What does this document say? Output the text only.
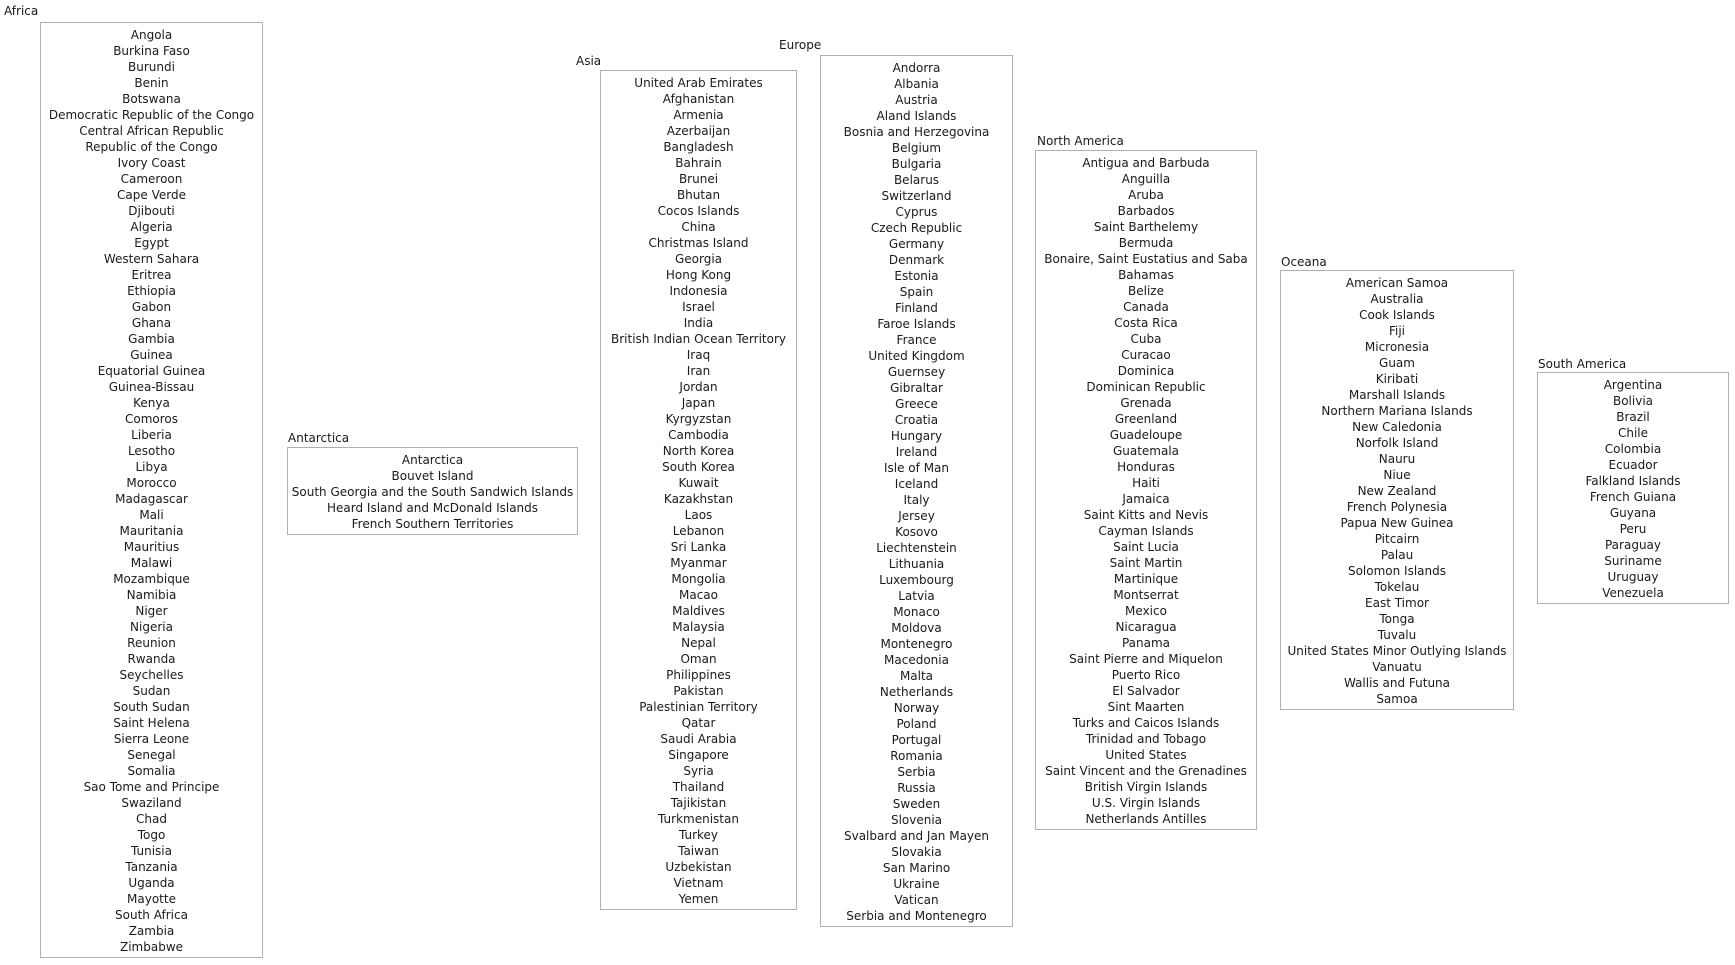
Africa
Angola
Burkina Faso
Burundi
Benin
Botswana
Democratic Republic of the Congo
Central African Republic
Republic of the Congo
Ivory Coast
Cameroon
Cape Verde
Djibouti
Algeria
Egypt
Western Sahara
Eritrea
Ethiopia
Gabon
Ghana
Gambia
Guinea
Equatorial Guinea
Guinea-Bissau
Kenya
Comoros
Liberia
Lesotho
Libya
Morocco
Madagascar
Mali
Mauritania
Mauritius
Malawi
Mozambique
Namibia
Niger
Nigeria
Reunion
Rwanda
Seychelles
Sudan
South Sudan
Saint Helena
Sierra Leone
Senegal
Somalia
Sao Tome and Principe
Swaziland
Chad
Togo
Tunisia
Tanzania
Uganda
Mayotte
South Africa
Zambia
Zimbabwe
Antarctica
Antarctica
Bouvet Island
South Georgia and the South Sandwich Islands
Heard Island and McDonald Islands
French Southern Territories
Asia
United Arab Emirates
Afghanistan
Armenia
Azerbaijan
Bangladesh
Bahrain
Brunei
Bhutan
Cocos Islands
China
Christmas Island
Georgia
Hong Kong
Indonesia
Israel
India
British Indian Ocean Territory
Iraq
Iran
Jordan
Japan
Kyrgyzstan
Cambodia
North Korea
South Korea
Kuwait
Kazakhstan
Laos
Lebanon
Sri Lanka
Myanmar
Mongolia
Macao
Maldives
Malaysia
Nepal
Oman
Philippines
Pakistan
Palestinian Territory
Qatar
Saudi Arabia
Singapore
Syria
Thailand
Tajikistan
Turkmenistan
Turkey
Taiwan
Uzbekistan
Vietnam
Yemen
Europe
Andorra
Albania
Austria
Aland Islands
Bosnia and Herzegovina
Belgium
Bulgaria
Belarus
Switzerland
Cyprus
Czech Republic
Germany
Denmark
Estonia
Spain
Finland
Faroe Islands
France
United Kingdom
Guernsey
Gibraltar
Greece
Croatia
Hungary
Ireland
Isle of Man
Iceland
Italy
Jersey
Kosovo
Liechtenstein
Lithuania
Luxembourg
Latvia
Monaco
Moldova
Montenegro
Macedonia
Malta
Netherlands
Norway
Poland
Portugal
Romania
Serbia
Russia
Sweden
Slovenia
Svalbard and Jan Mayen
Slovakia
San Marino
Ukraine
Vatican
Serbia and Montenegro
North America
Antigua and Barbuda
Anguilla
Aruba
Barbados
Saint Barthelemy
Bermuda
Bonaire, Saint Eustatius and Saba
Bahamas
Belize
Canada
Costa Rica
Cuba
Curacao
Dominica
Dominican Republic
Grenada
Greenland
Guadeloupe
Guatemala
Honduras
Haiti
Jamaica
Saint Kitts and Nevis
Cayman Islands
Saint Lucia
Saint Martin
Martinique
Montserrat
Mexico
Nicaragua
Panama
Saint Pierre and Miquelon
Puerto Rico
El Salvador
Sint Maarten
Turks and Caicos Islands
Trinidad and Tobago
United States
Saint Vincent and the Grenadines
British Virgin Islands
U.S. Virgin Islands
Netherlands Antilles
Oceana
American Samoa
Australia
Cook Islands
Fiji
Micronesia
Guam
Kiribati
Marshall Islands
Northern Mariana Islands
New Caledonia
Norfolk Island
Nauru
Niue
New Zealand
French Polynesia
Papua New Guinea
Pitcairn
Palau
Solomon Islands
Tokelau
East Timor
Tonga
Tuvalu
United States Minor Outlying Islands
Vanuatu
Wallis and Futuna
Samoa
South America
Argentina
Bolivia
Brazil
Chile
Colombia
Ecuador
Falkland Islands
French Guiana
Guyana
Peru
Paraguay
Suriname
Uruguay
Venezuela
